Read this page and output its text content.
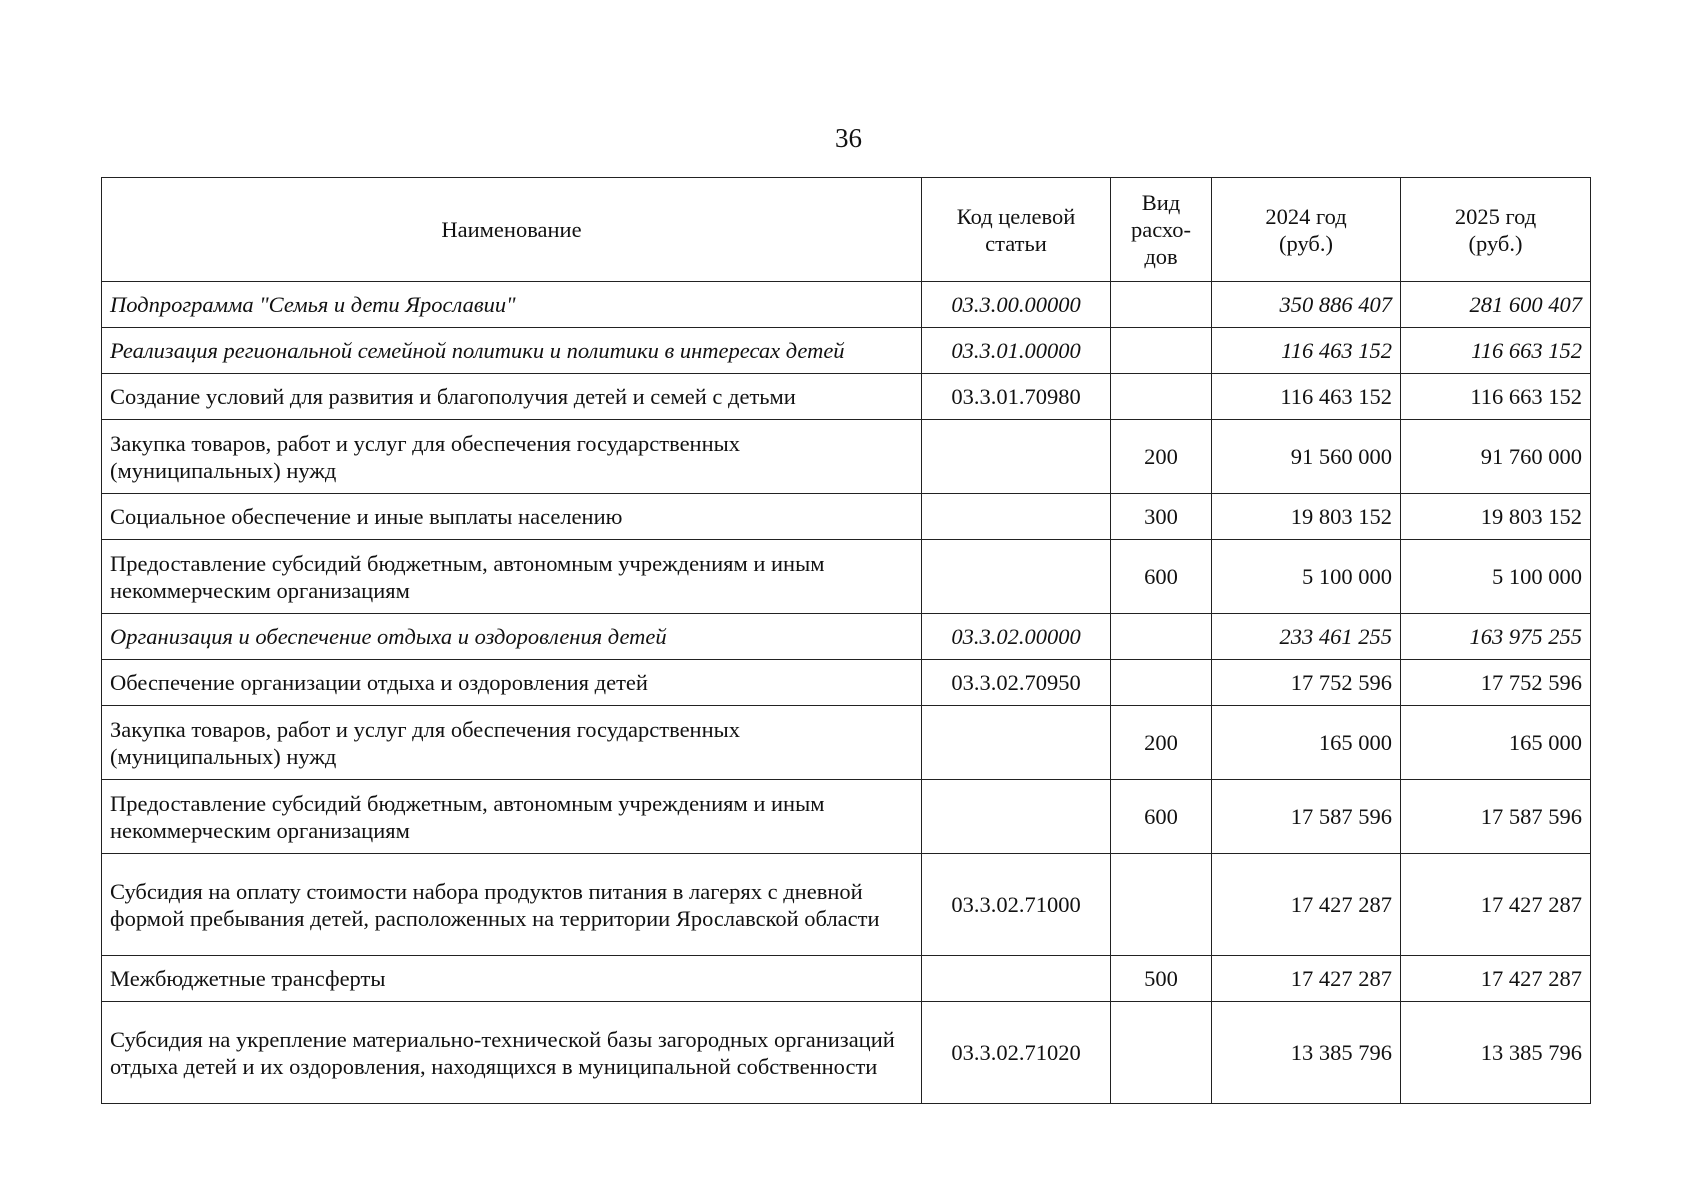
36
Наименование	Код целевой статьи	Вид расхо-дов	2024 год (руб.)	2025 год (руб.)
Подпрограмма "Семья и дети Ярославии"	03.3.00.00000		350 886 407	281 600 407
Реализация региональной семейной политики и политики в интересах детей	03.3.01.00000		116 463 152	116 663 152
Создание условий для развития и благополучия детей и семей с детьми	03.3.01.70980		116 463 152	116 663 152
Закупка товаров, работ и услуг для обеспечения государственных (муниципальных) нужд		200	91 560 000	91 760 000
Социальное обеспечение и иные выплаты населению		300	19 803 152	19 803 152
Предоставление субсидий бюджетным, автономным учреждениям и иным некоммерческим организациям		600	5 100 000	5 100 000
Организация и обеспечение отдыха и оздоровления детей	03.3.02.00000		233 461 255	163 975 255
Обеспечение организации отдыха и оздоровления детей	03.3.02.70950		17 752 596	17 752 596
Закупка товаров, работ и услуг для обеспечения государственных (муниципальных) нужд		200	165 000	165 000
Предоставление субсидий бюджетным, автономным учреждениям и иным некоммерческим организациям		600	17 587 596	17 587 596
Субсидия на оплату стоимости набора продуктов питания в лагерях с дневной формой пребывания детей, расположенных на территории Ярославской области	03.3.02.71000		17 427 287	17 427 287
Межбюджетные трансферты		500	17 427 287	17 427 287
Субсидия на укрепление материально-технической базы загородных организаций отдыха детей и их оздоровления, находящихся в муниципальной собственности	03.3.02.71020		13 385 796	13 385 796
